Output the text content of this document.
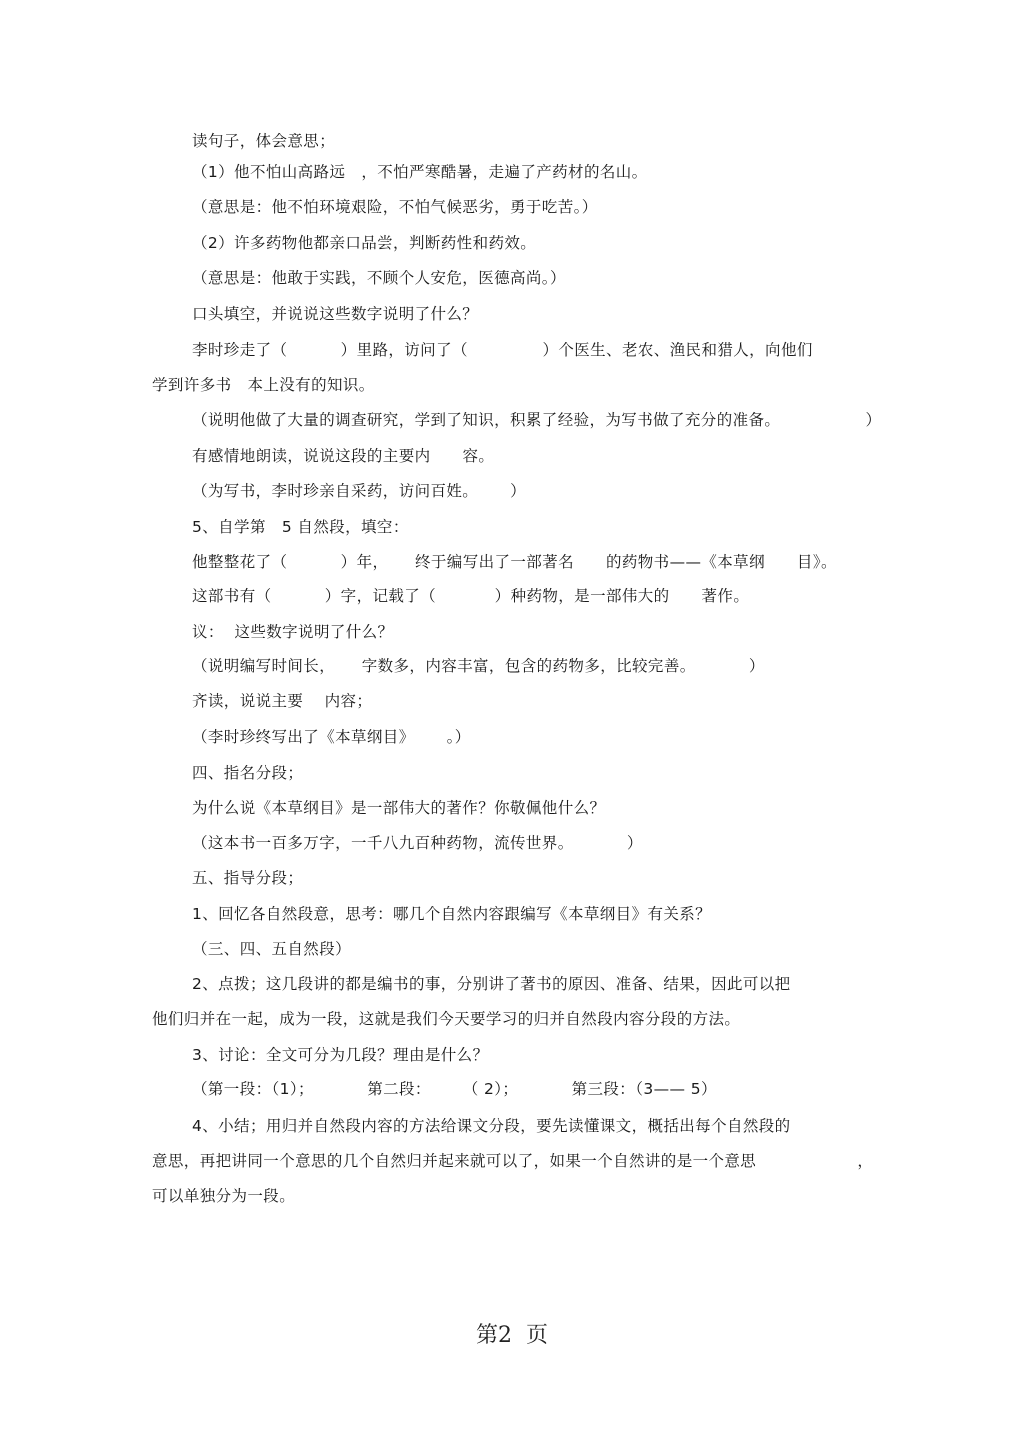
读句子，体会意思；
（1）他不怕山高路远   ，不怕严寒酷暑，走遍了产药材的名山。
（意思是：他不怕环境艰险，不怕气候恶劣，勇于吃苦。）
（2）许多药物他都亲口品尝，判断药性和药效。
（意思是：他敢于实践，不顾个人安危，医德高尚。）
口头填空，并说说这些数字说明了什么？
李时珍走了（          ）里路，访问了（              ）个医生、老农、渔民和猎人，向他们
学到许多书   本上没有的知识。
（说明他做了大量的调查研究，学到了知识，积累了经验，为写书做了充分的准备。                ）
有感情地朗读，说说这段的主要内      容。
（为写书，李时珍亲自采药，访问百姓。      ）
5、自学第   5 自然段，填空：
他整整花了（          ）年，     终于编写出了一部著名      的药物书——《本草纲      目》。
这部书有（          ）字，记载了（           ）种药物，是一部伟大的      著作。
议：  这些数字说明了什么？
（说明编写时间长，     字数多，内容丰富，包含的药物多，比较完善。          ）
齐读，说说主要    内容；
（李时珍终写出了《本草纲目》      。）
四、指名分段；
为什么说《本草纲目》是一部伟大的著作？你敬佩他什么？
（这本书一百多万字，一千八九百种药物，流传世界。          ）
五、指导分段；
1、回忆各自然段意，思考：哪几个自然内容跟编写《本草纲目》有关系？
（三、四、五自然段）
2、点拨；这几段讲的都是编书的事，分别讲了著书的原因、准备、结果，因此可以把
他们归并在一起，成为一段，这就是我们今天要学习的归并自然段内容分段的方法。
3、讨论：全文可分为几段？理由是什么？
（第一段：（1）；          第二段：      （ 2）；          第三段：（3—— 5）
4、小结；用归并自然段内容的方法给课文分段，要先读懂课文，概括出每个自然段的
意思，再把讲同一个意思的几个自然归并起来就可以了，如果一个自然讲的是一个意思                   ，
可以单独分为一段。
第2  页
